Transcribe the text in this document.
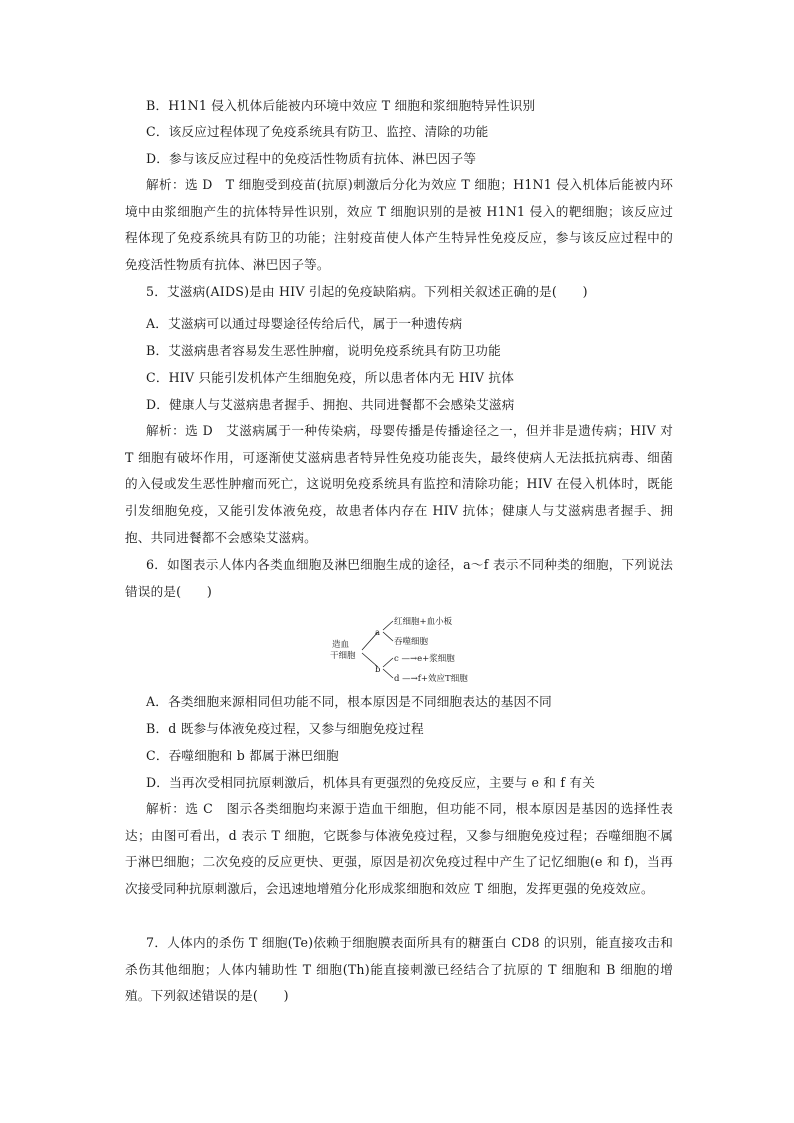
B．H1N1 侵入机体后能被内环境中效应 T 细胞和浆细胞特异性识别
C．该反应过程体现了免疫系统具有防卫、监控、清除的功能
D．参与该反应过程中的免疫活性物质有抗体、淋巴因子等
解析：选 D　T 细胞受到疫苗(抗原)刺激后分化为效应 T 细胞；H1N1 侵入机体后能被内环境中由浆细胞产生的抗体特异性识别，效应 T 细胞识别的是被 H1N1 侵入的靶细胞；该反应过程体现了免疫系统具有防卫的功能；注射疫苗使人体产生特异性免疫反应，参与该反应过程中的免疫活性物质有抗体、淋巴因子等。
5．艾滋病(AIDS)是由 HIV 引起的免疫缺陷病。下列相关叙述正确的是(　　)
A．艾滋病可以通过母婴途径传给后代，属于一种遗传病
B．艾滋病患者容易发生恶性肿瘤，说明免疫系统具有防卫功能
C．HIV 只能引发机体产生细胞免疫，所以患者体内无 HIV 抗体
D．健康人与艾滋病患者握手、拥抱、共同进餐都不会感染艾滋病
解析：选 D　艾滋病属于一种传染病，母婴传播是传播途径之一，但并非是遗传病；HIV 对 T 细胞有破坏作用，可逐渐使艾滋病患者特异性免疫功能丧失，最终使病人无法抵抗病毒、细菌的入侵或发生恶性肿瘤而死亡，这说明免疫系统具有监控和清除功能；HIV 在侵入机体时，既能引发细胞免疫，又能引发体液免疫，故患者体内存在 HIV 抗体；健康人与艾滋病患者握手、拥抱、共同进餐都不会感染艾滋病。
6．如图表示人体内各类血细胞及淋巴细胞生成的途径，a～f 表示不同种类的细胞，下列说法错误的是(　　)
造血
干细胞
a
b
红细胞+血小板
吞噬细胞
c —→e+浆细胞
d —→f+效应T细胞
A．各类细胞来源相同但功能不同，根本原因是不同细胞表达的基因不同
B．d 既参与体液免疫过程，又参与细胞免疫过程
C．吞噬细胞和 b 都属于淋巴细胞
D．当再次受相同抗原刺激后，机体具有更强烈的免疫反应，主要与 e 和 f 有关
解析：选 C　图示各类细胞均来源于造血干细胞，但功能不同，根本原因是基因的选择性表达；由图可看出，d 表示 T 细胞，它既参与体液免疫过程，又参与细胞免疫过程；吞噬细胞不属于淋巴细胞；二次免疫的反应更快、更强，原因是初次免疫过程中产生了记忆细胞(e 和 f)，当再次接受同种抗原刺激后，会迅速地增殖分化形成浆细胞和效应 T 细胞，发挥更强的免疫效应。
7．人体内的杀伤 T 细胞(Te)依赖于细胞膜表面所具有的糖蛋白 CD8 的识别，能直接攻击和杀伤其他细胞；人体内辅助性 T 细胞(Th)能直接刺激已经结合了抗原的 T 细胞和 B 细胞的增殖。下列叙述错误的是(　　)
